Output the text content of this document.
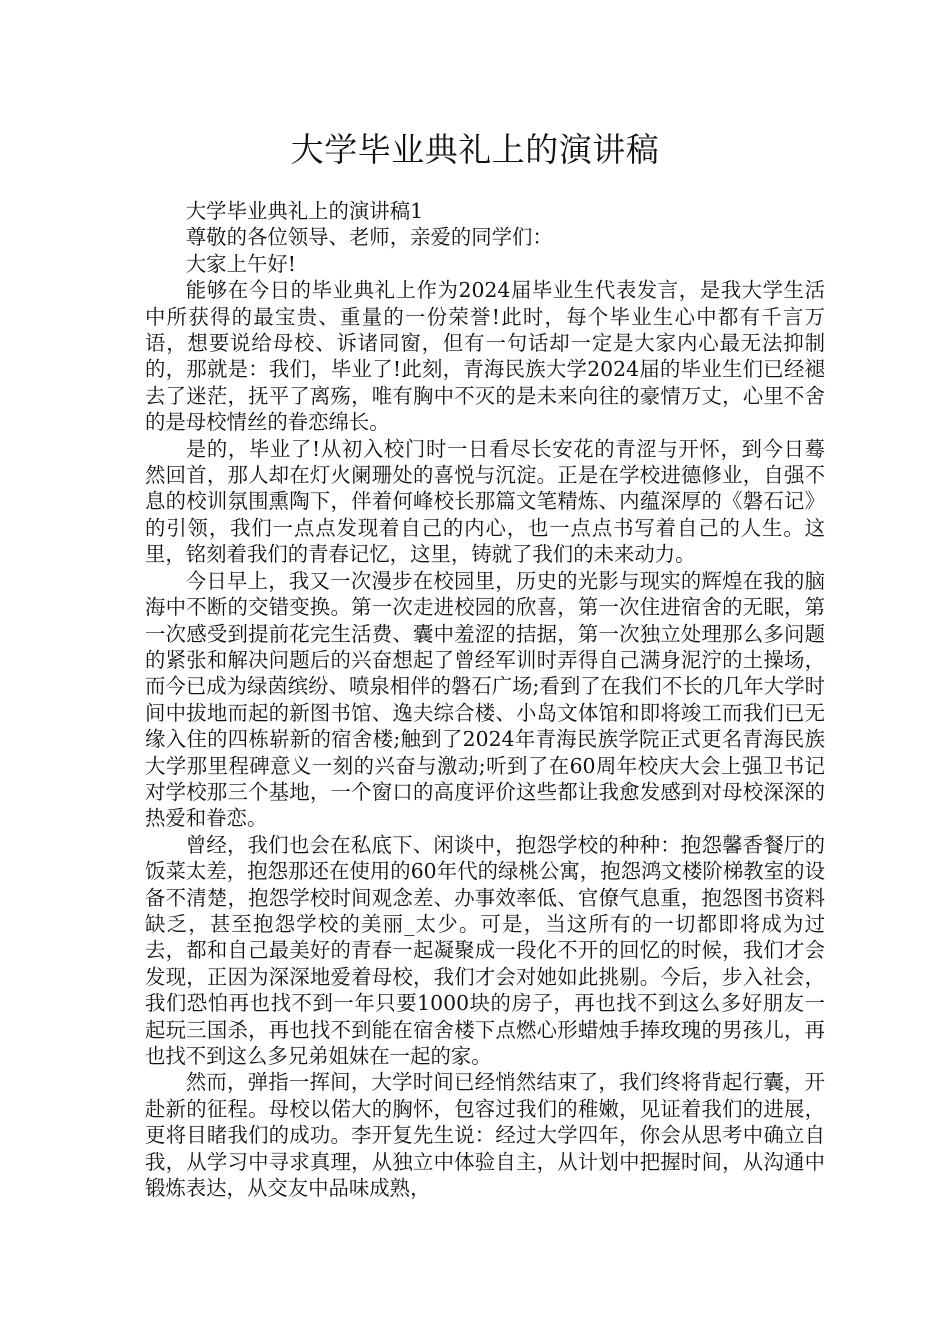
大学毕业典礼上的演讲稿

大学毕业典礼上的演讲稿1

尊敬的各位领导、老师，亲爱的同学们：

大家上午好!

能够在今日的毕业典礼上作为2024届毕业生代表发言，是我大学生活中所获得的最宝贵、重量的一份荣誉!此时，每个毕业生心中都有千言万语，想要说给母校、诉诸同窗，但有一句话却一定是大家内心最无法抑制的，那就是：我们，毕业了!此刻，青海民族大学2024届的毕业生们已经褪去了迷茫，抚平了离殇，唯有胸中不灭的是未来向往的豪情万丈，心里不舍的是母校情丝的眷恋绵长。

是的，毕业了!从初入校门时一日看尽长安花的青涩与开怀，到今日蓦然回首，那人却在灯火阑珊处的喜悦与沉淀。正是在学校进德修业，自强不息的校训氛围熏陶下，伴着何峰校长那篇文笔精炼、内蕴深厚的《磐石记》的引领，我们一点点发现着自己的内心，也一点点书写着自己的人生。这里，铭刻着我们的青春记忆，这里，铸就了我们的未来动力。

今日早上，我又一次漫步在校园里，历史的光影与现实的辉煌在我的脑海中不断的交错变换。第一次走进校园的欣喜，第一次住进宿舍的无眠，第一次感受到提前花完生活费、囊中羞涩的拮据，第一次独立处理那么多问题的紧张和解决问题后的兴奋想起了曾经军训时弄得自己满身泥泞的土操场，而今已成为绿茵缤纷、喷泉相伴的磐石广场;看到了在我们不长的几年大学时间中拔地而起的新图书馆、逸夫综合楼、小岛文体馆和即将竣工而我们已无缘入住的四栋崭新的宿舍楼;触到了2024年青海民族学院正式更名青海民族大学那里程碑意义一刻的兴奋与激动;听到了在60周年校庆大会上强卫书记对学校那三个基地，一个窗口的高度评价这些都让我愈发感到对母校深深的热爱和眷恋。

曾经，我们也会在私底下、闲谈中，抱怨学校的种种：抱怨馨香餐厅的饭菜太差，抱怨那还在使用的60年代的绿桃公寓，抱怨鸿文楼阶梯教室的设备不清楚，抱怨学校时间观念差、办事效率低、官僚气息重，抱怨图书资料缺乏，甚至抱怨学校的美丽_太少。可是，当这所有的一切都即将成为过去，都和自己最美好的青春一起凝聚成一段化不开的回忆的时候，我们才会发现，正因为深深地爱着母校，我们才会对她如此挑剔。今后，步入社会，我们恐怕再也找不到一年只要1000块的房子，再也找不到这么多好朋友一起玩三国杀，再也找不到能在宿舍楼下点燃心形蜡烛手捧玫瑰的男孩儿，再也找不到这么多兄弟姐妹在一起的家。

然而，弹指一挥间，大学时间已经悄然结束了，我们终将背起行囊，开赴新的征程。母校以偌大的胸怀，包容过我们的稚嫩，见证着我们的进展，更将目睹我们的成功。李开复先生说：经过大学四年，你会从思考中确立自我，从学习中寻求真理，从独立中体验自主，从计划中把握时间，从沟通中锻炼表达，从交友中品味成熟，
